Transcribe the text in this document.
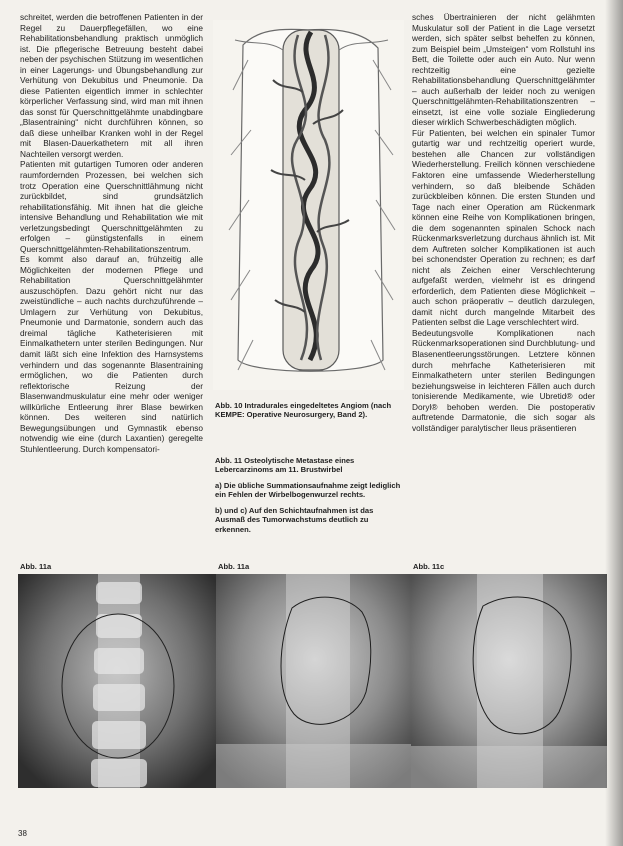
schreitet, werden die betroffenen Patienten in der Regel zu Dauerpflegefällen, wo eine Rehabilitationsbehandlung praktisch unmöglich ist. Die pflegerische Betreuung besteht dabei neben der psychischen Stützung im wesentlichen in einer Lagerungs- und Übungsbehandlung zur Verhütung von Dekubitus und Pneumonie. Da diese Patienten eigentlich immer in schlechter körperlicher Verfassung sind, wird man mit ihnen das sonst für Querschnittgelähmte unabdingbare „Blasentraining“ nicht durchführen können, so daß diese unheilbar Kranken wohl in der Regel mit Blasen-Dauerkathetern mit all ihren Nachteilen versorgt werden.

Patienten mit gutartigen Tumoren oder anderen raumfordernden Prozessen, bei welchen sich trotz Operation eine Querschnittlähmung nicht zurückbildet, sind grundsätzlich rehabilitationsfähig. Mit ihnen hat die gleiche intensive Behandlung und Rehabilitation wie mit verletzungsbedingt Querschnittgelähmten zu erfolgen – günstigstenfalls in einem Querschnittgelähmten-Rehabilitationszentrum.

Es kommt also darauf an, frühzeitig alle Möglichkeiten der modernen Pflege und Rehabilitation Querschnittgelähmter auszuschöpfen. Dazu gehört nicht nur das zweistündliche – auch nachts durchzuführende – Umlagern zur Verhütung von Dekubitus, Pneumonie und Darmatonie, sondern auch das dreimal tägliche Katheterisieren mit Einmalkathetern unter sterilen Bedingungen. Nur damit läßt sich eine Infektion des Harnsystems verhindern und das sogenannte Blasentraining ermöglichen, wo die Patienten durch reflektorische Reizung der Blasenwandmuskulatur eine mehr oder weniger willkürliche Entleerung ihrer Blase bewirken können. Des weiteren sind natürlich Bewegungsübungen und Gymnastik ebenso notwendig wie eine (durch Laxantien) geregelte Stuhlentleerung. Durch kompensatori-

Abb. 10 Intradurales eingedeltetes Angiom (nach KEMPE: Operative Neurosurgery, Band 2).

Abb. 11 Osteolytische Metastase eines Lebercarzinoms am 11. Brustwirbel

a) Die übliche Summationsaufnahme zeigt lediglich ein Fehlen der Wirbelbogenwurzel rechts.

b) und c) Auf den Schichtaufnahmen ist das Ausmaß des Tumorwachstums deutlich zu erkennen.

sches Übertrainieren der nicht gelähmten Muskulatur soll der Patient in die Lage versetzt werden, sich später selbst behelfen zu können, zum Beispiel beim „Umsteigen“ vom Rollstuhl ins Bett, die Toilette oder auch ein Auto. Nur wenn rechtzeitig eine gezielte Rehabilitationsbehandlung Querschnittgelähmter – auch außerhalb der leider noch zu wenigen Querschnittgelähmten-Rehabilitationszentren – einsetzt, ist eine volle soziale Eingliederung dieser wirklich Schwerbeschädigten möglich.

Für Patienten, bei welchen ein spinaler Tumor gutartig war und rechtzeitig operiert wurde, bestehen alle Chancen zur vollständigen Wiederherstellung. Freilich können verschiedene Faktoren eine umfassende Wiederherstellung verhindern, so daß bleibende Schäden zurückbleiben können. Die ersten Stunden und Tage nach einer Operation am Rückenmark können eine Reihe von Komplikationen bringen, die dem sogenannten spinalen Schock nach Rückenmarksverletzung durchaus ähnlich ist. Mit dem Auftreten solcher Komplikationen ist auch bei schonendster Operation zu rechnen; es darf nicht als Zeichen einer Verschlechterung aufgefaßt werden, vielmehr ist es dringend erforderlich, dem Patienten diese Möglichkeit – auch schon präoperativ – deutlich darzulegen, damit nicht durch mangelnde Mitarbeit des Patienten selbst die Lage verschlechtert wird.

Bedeutungsvolle Komplikationen nach Rückenmarksoperationen sind Durchblutung- und Blasenentleerungsstörungen. Letztere können durch mehrfache Katheterisieren mit Einmalkathetern unter sterilen Bedingungen beziehungsweise in leichteren Fällen auch durch tonisierende Medikamente, wie Ubretid® oder Doryl® behoben werden. Die postoperativ auftretende Darmatonie, die sich sogar als vollständiger paralytischer Ileus präsentieren

Abb. 11a	Abb. 11a	Abb. 11c
38
